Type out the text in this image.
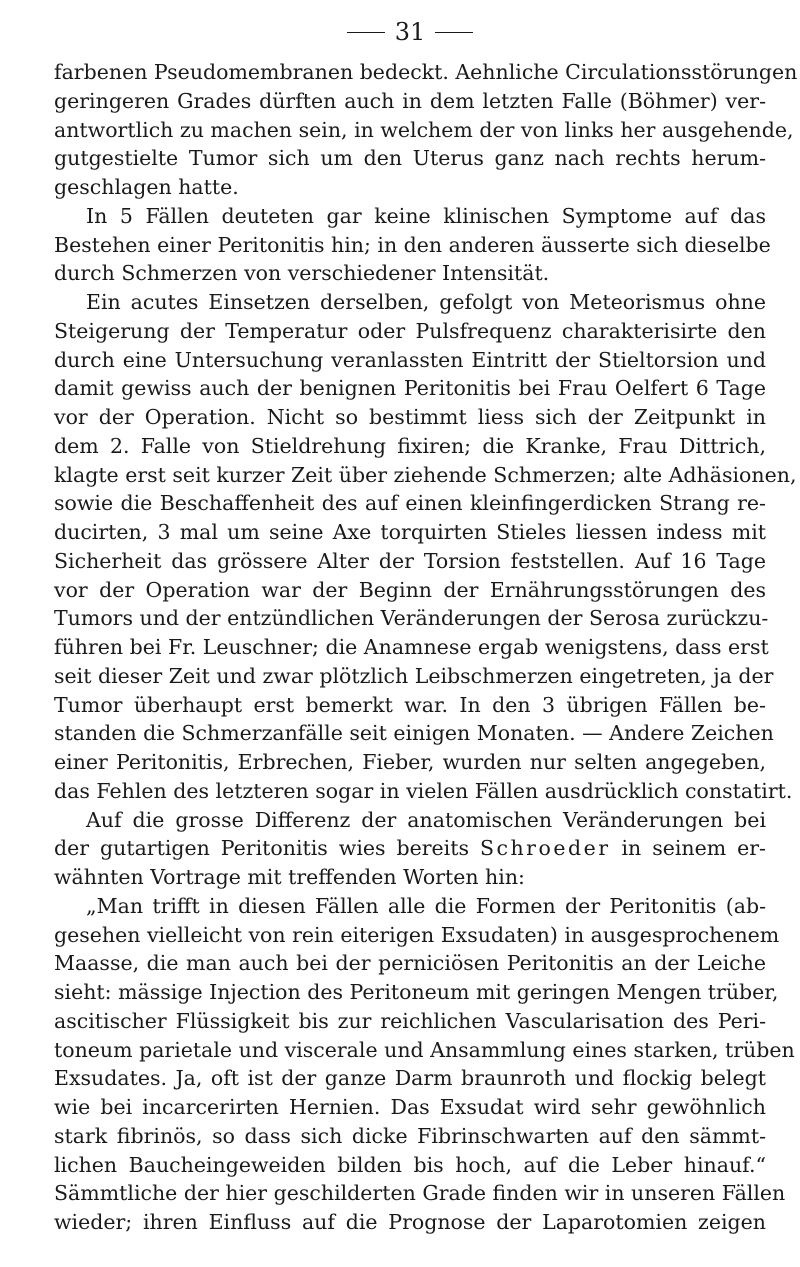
31
farbenen Pseudomembranen bedeckt. Aehnliche Circulationsstörungen
geringeren Grades dürften auch in dem letzten Falle (Böhmer) ver-
antwortlich zu machen sein, in welchem der von links her ausgehende,
gutgestielte Tumor sich um den Uterus ganz nach rechts herum-
geschlagen hatte.
In 5 Fällen deuteten gar keine klinischen Symptome auf das
Bestehen einer Peritonitis hin; in den anderen äusserte sich dieselbe
durch Schmerzen von verschiedener Intensität.
Ein acutes Einsetzen derselben, gefolgt von Meteorismus ohne
Steigerung der Temperatur oder Pulsfrequenz charakterisirte den
durch eine Untersuchung veranlassten Eintritt der Stieltorsion und
damit gewiss auch der benignen Peritonitis bei Frau Oelfert 6 Tage
vor der Operation. Nicht so bestimmt liess sich der Zeitpunkt in
dem 2. Falle von Stieldrehung fixiren; die Kranke, Frau Dittrich,
klagte erst seit kurzer Zeit über ziehende Schmerzen; alte Adhäsionen,
sowie die Beschaffenheit des auf einen kleinfingerdicken Strang re-
ducirten, 3 mal um seine Axe torquirten Stieles liessen indess mit
Sicherheit das grössere Alter der Torsion feststellen. Auf 16 Tage
vor der Operation war der Beginn der Ernährungsstörungen des
Tumors und der entzündlichen Veränderungen der Serosa zurückzu-
führen bei Fr. Leuschner; die Anamnese ergab wenigstens, dass erst
seit dieser Zeit und zwar plötzlich Leibschmerzen eingetreten, ja der
Tumor überhaupt erst bemerkt war. In den 3 übrigen Fällen be-
standen die Schmerzanfälle seit einigen Monaten. — Andere Zeichen
einer Peritonitis, Erbrechen, Fieber, wurden nur selten angegeben,
das Fehlen des letzteren sogar in vielen Fällen ausdrücklich constatirt.
Auf die grosse Differenz der anatomischen Veränderungen bei
der gutartigen Peritonitis wies bereits Schroeder in seinem er-
wähnten Vortrage mit treffenden Worten hin:
„Man trifft in diesen Fällen alle die Formen der Peritonitis (ab-
gesehen vielleicht von rein eiterigen Exsudaten) in ausgesprochenem
Maasse, die man auch bei der perniciösen Peritonitis an der Leiche
sieht: mässige Injection des Peritoneum mit geringen Mengen trüber,
ascitischer Flüssigkeit bis zur reichlichen Vascularisation des Peri-
toneum parietale und viscerale und Ansammlung eines starken, trüben
Exsudates. Ja, oft ist der ganze Darm braunroth und flockig belegt
wie bei incarcerirten Hernien. Das Exsudat wird sehr gewöhnlich
stark fibrinös, so dass sich dicke Fibrinschwarten auf den sämmt-
lichen Baucheingeweiden bilden bis hoch, auf die Leber hinauf.“
Sämmtliche der hier geschilderten Grade finden wir in unseren Fällen
wieder; ihren Einfluss auf die Prognose der Laparotomien zeigen
